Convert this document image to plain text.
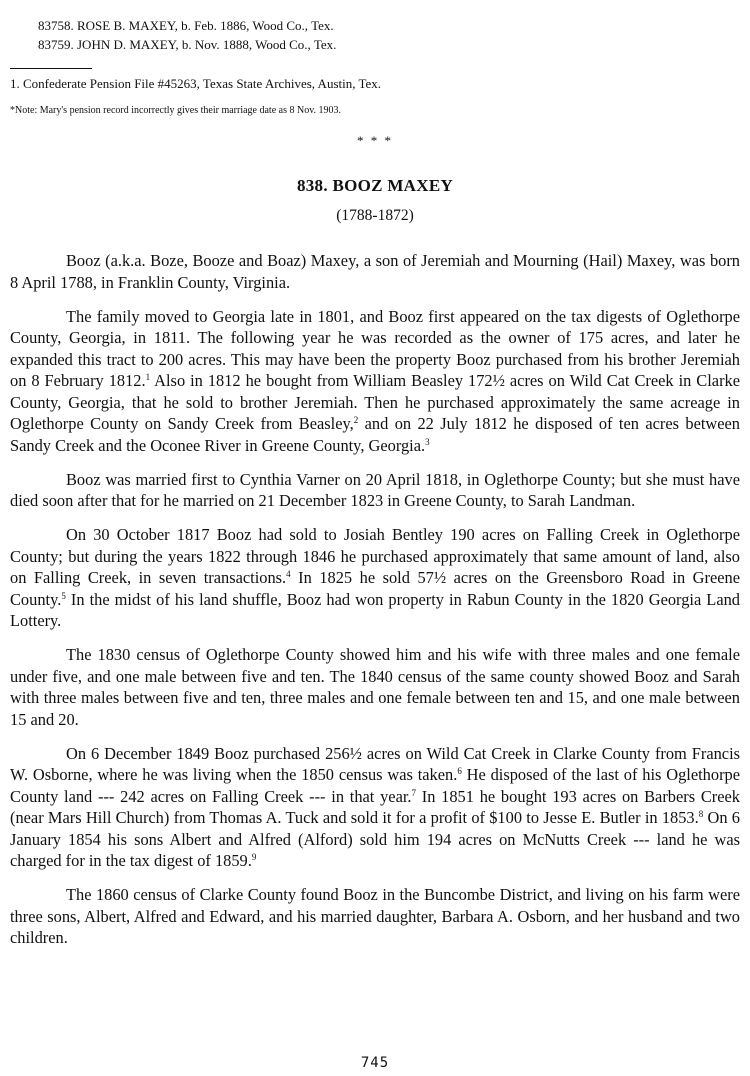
83758. ROSE B. MAXEY, b. Feb. 1886, Wood Co., Tex.
83759. JOHN D. MAXEY, b. Nov. 1888, Wood Co., Tex.
1. Confederate Pension File #45263, Texas State Archives, Austin, Tex.
*Note: Mary's pension record incorrectly gives their marriage date as 8 Nov. 1903.
* * *
838. BOOZ MAXEY
(1788-1872)

Booz (a.k.a. Boze, Booze and Boaz) Maxey, a son of Jeremiah and Mourning (Hail) Maxey, was born 8 April 1788, in Franklin County, Virginia.

The family moved to Georgia late in 1801, and Booz first appeared on the tax digests of Oglethorpe County, Georgia, in 1811. The following year he was recorded as the owner of 175 acres, and later he expanded this tract to 200 acres. This may have been the property Booz purchased from his brother Jeremiah on 8 February 1812.$^1$ Also in 1812 he bought from William Beasley 172½ acres on Wild Cat Creek in Clarke County, Georgia, that he sold to brother Jeremiah. Then he purchased approximately the same acreage in Oglethorpe County on Sandy Creek from Beasley,$^2$ and on 22 July 1812 he disposed of ten acres between Sandy Creek and the Oconee River in Greene County, Georgia.$^3$

Booz was married first to Cynthia Varner on 20 April 1818, in Oglethorpe County; but she must have died soon after that for he married on 21 December 1823 in Greene County, to Sarah Landman.

On 30 October 1817 Booz had sold to Josiah Bentley 190 acres on Falling Creek in Oglethorpe County; but during the years 1822 through 1846 he purchased approximately that same amount of land, also on Falling Creek, in seven transactions.$^4$ In 1825 he sold 57½ acres on the Greensboro Road in Greene County.$^5$ In the midst of his land shuffle, Booz had won property in Rabun County in the 1820 Georgia Land Lottery.

The 1830 census of Oglethorpe County showed him and his wife with three males and one female under five, and one male between five and ten. The 1840 census of the same county showed Booz and Sarah with three males between five and ten, three males and one female between ten and 15, and one male between 15 and 20.

On 6 December 1849 Booz purchased 256½ acres on Wild Cat Creek in Clarke County from Francis W. Osborne, where he was living when the 1850 census was taken.$^6$ He disposed of the last of his Oglethorpe County land --- 242 acres on Falling Creek --- in that year.$^7$ In 1851 he bought 193 acres on Barbers Creek (near Mars Hill Church) from Thomas A. Tuck and sold it for a profit of $100 to Jesse E. Butler in 1853.$^8$ On 6 January 1854 his sons Albert and Alfred (Alford) sold him 194 acres on McNutts Creek --- land he was charged for in the tax digest of 1859.$^9$

The 1860 census of Clarke County found Booz in the Buncombe District, and living on his farm were three sons, Albert, Alfred and Edward, and his married daughter, Barbara A. Osborn, and her husband and two children.

745
